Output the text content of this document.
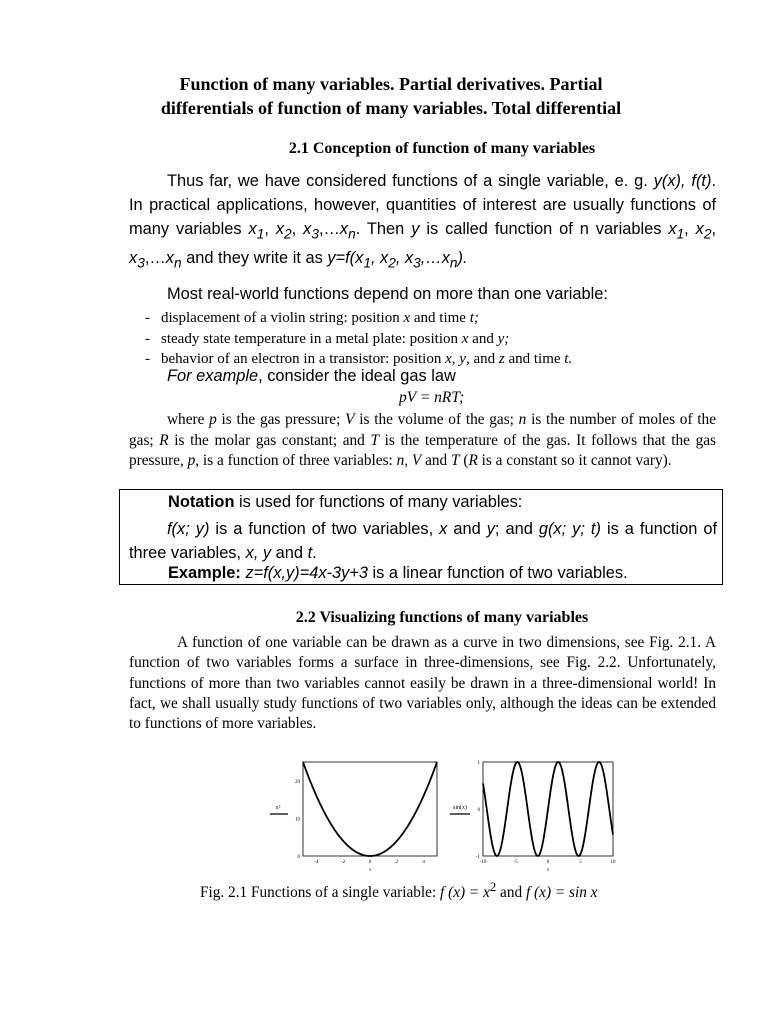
Function of many variables. Partial derivatives. Partial
differentials of function of many variables. Total differential
2.1 Conception of function of many variables
Thus far, we have considered functions of a single variable, e. g. y(x), f(t). In practical applications, however, quantities of interest are usually functions of many variables $x_1$, $x_2$, $x_3,\dots x_n$. Then y is called function of n variables $x_1$, $x_2$, $x_3,\dots x_n$ and they write it as $y=f(x_1$, $x_2$, $x_3,\dots x_n$).
Most real-world functions depend on more than one variable:
- displacement of a violin string: position x and time t;
- steady state temperature in a metal plate: position x and y;
- behavior of an electron in a transistor: position x, y, and z and time t.
For example, consider the ideal gas law
pV = nRT;
where p is the gas pressure; V is the volume of the gas; n is the number of moles of the gas; R is the molar gas constant; and T is the temperature of the gas. It follows that the gas pressure, p, is a function of three variables: n, V and T (R is a constant so it cannot vary).
Notation is used for functions of many variables:
f(x; y) is a function of two variables, x and y; and g(x; y; t) is a function of three variables, x, y and t.
Example: z=f(x,y)=4x-3y+3 is a linear function of two variables.
2.2 Visualizing functions of many variables
A function of one variable can be drawn as a curve in two dimensions, see Fig. 2.1. A function of two variables forms a surface in three-dimensions, see Fig. 2.2. Unfortunately, functions of more than two variables cannot easily be drawn in a three-dimensional world! In fact, we shall usually study functions of two variables only, although the ideas can be extended to functions of more variables.
-4	-2	0	2	4
0
10
20
x
x²
-10	-5	0	5	10
-1
0
1
x
sin(x)
Fig. 2.1 Functions of a single variable: f $(x) = x^2$ and f (x) = sin x
